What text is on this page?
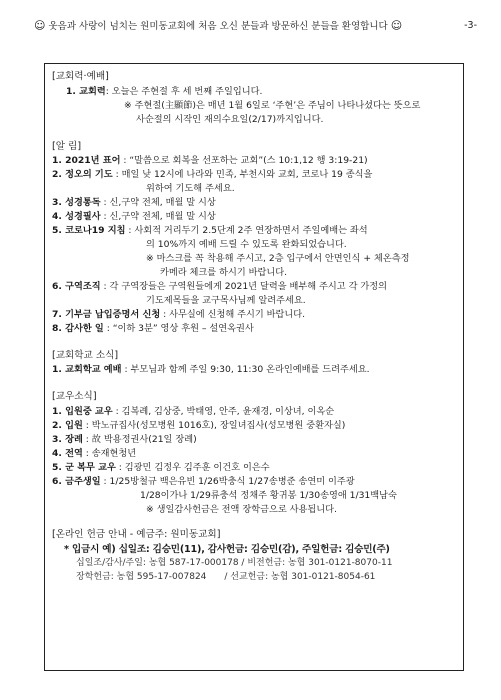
☺ 웃음과 사랑이 넘치는 원미동교회에 처음 오신 분들과 방문하신 분들을 환영합니다 ☺	-3-
[교회력·예배]
1. 교회력: 오늘은 주현절 후 세 번째 주일입니다.
※ 주현절(主顯節)은 매년 1월 6일로 ‘주현’은 주님이 나타나셨다는 뜻으로
사순절의 시작인 재의수요일(2/17)까지입니다.
[알 림]
1. 2021년 표어 : “말씀으로 회복을 선포하는 교회”(스 10:1,12 행 3:19-21)
2. 정오의 기도 : 매일 낮 12시에 나라와 민족, 부천시와 교회, 코로나 19 종식을
위하여 기도해 주세요.
3. 성경통독 : 신,구약 전체, 매월 말 시상
4. 성경필사 : 신,구약 전체, 매월 말 시상
5. 코로나19 지침 : 사회적 거리두기 2.5단계 2주 연장하면서 주일예배는 좌석
의 10%까지 예배 드릴 수 있도록 완화되었습니다.
※ 마스크를 꼭 착용해 주시고, 2층 입구에서 안면인식 + 체온측정
카메라 체크를 하시기 바랍니다.
6. 구역조직 : 각 구역장들은 구역원들에게 2021년 달력을 배부해 주시고 각 가정의
기도제목들을 교구목사님께 알려주세요.
7. 기부금 납입증명서 신청 : 사무실에 신청해 주시기 바랍니다.
8. 감사한 일 : “이하 3분” 영상 후원 – 설연옥권사
[교회학교 소식]
1. 교회학교 예배 : 부모님과 함께 주일 9:30, 11:30 온라인예배를 드려주세요.
[교우소식]
1. 입원중 교우 : 김복례, 김상중, 박태영, 안주, 윤재경, 이상녀, 이옥순
2. 입원 : 박노규집사(성모병원 1016호), 장일녀집사(성모병원 중환자실)
3. 장례 : 故 박용정권사(21일 장례)
4. 전역 : 송재현청년
5. 군 복무 교우 : 김광민 김정우 김주훈 이건호 이은수
6. 금주생일 : 1/25방철규 백은유빈 1/26박충식 1/27송병준 송연미 이주광
1/28이가나 1/29류충석 정채주 황귀봉 1/30송영애 1/31백남숙
※ 생일감사헌금은 전액 장학금으로 사용됩니다.
[온라인 헌금 안내 - 예금주: 원미동교회]
* 입금시 예) 십일조: 김승민(11), 감사헌금: 김승민(감), 주일헌금: 김승민(주)
십일조/감사/주일: 농협 587-17-000178 / 비전헌금: 농협 301-0121-8070-11
장학헌금: 농협 595-17-007824 / 선교헌금: 농협 301-0121-8054-61
